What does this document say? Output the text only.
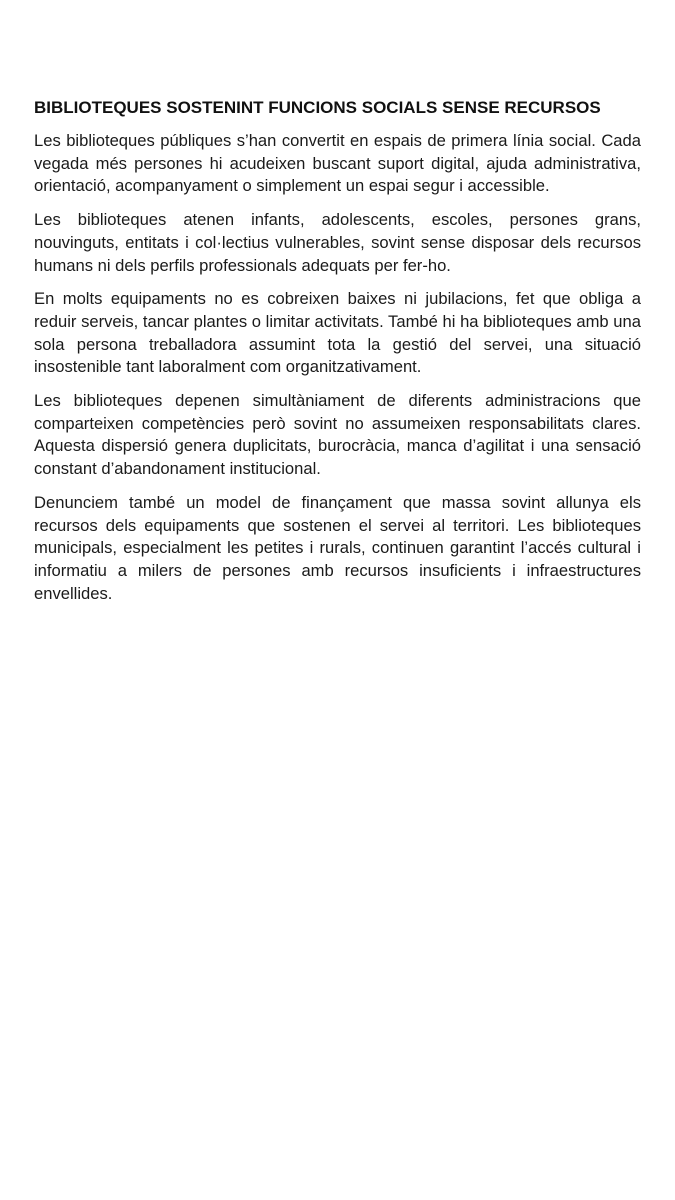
BIBLIOTEQUES SOSTENINT FUNCIONS SOCIALS SENSE RECURSOS

Les biblioteques públiques s’han convertit en espais de primera línia social. Cada vegada més persones hi acudeixen buscant suport digital, ajuda administrativa, orientació, acompanyament o simplement un espai segur i accessible.

Les biblioteques atenen infants, adolescents, escoles, persones grans, nouvinguts, entitats i col·lectius vulnerables, sovint sense disposar dels recursos humans ni dels perfils professionals adequats per fer-ho.

En molts equipaments no es cobreixen baixes ni jubilacions, fet que obliga a reduir serveis, tancar plantes o limitar activitats. També hi ha biblioteques amb una sola persona treballadora assumint tota la gestió del servei, una situació insostenible tant laboralment com organitzativament.

Les biblioteques depenen simultàniament de diferents administracions que comparteixen competències però sovint no assumeixen responsabilitats clares. Aquesta dispersió genera duplicitats, burocràcia, manca d’agilitat i una sensació constant d’abandonament institucional.

Denunciem també un model de finançament que massa sovint allunya els recursos dels equipaments que sostenen el servei al territori. Les biblioteques municipals, especialment les petites i rurals, continuen garantint l’accés cultural i informatiu a milers de persones amb recursos insuficients i infraestructures envellides.
